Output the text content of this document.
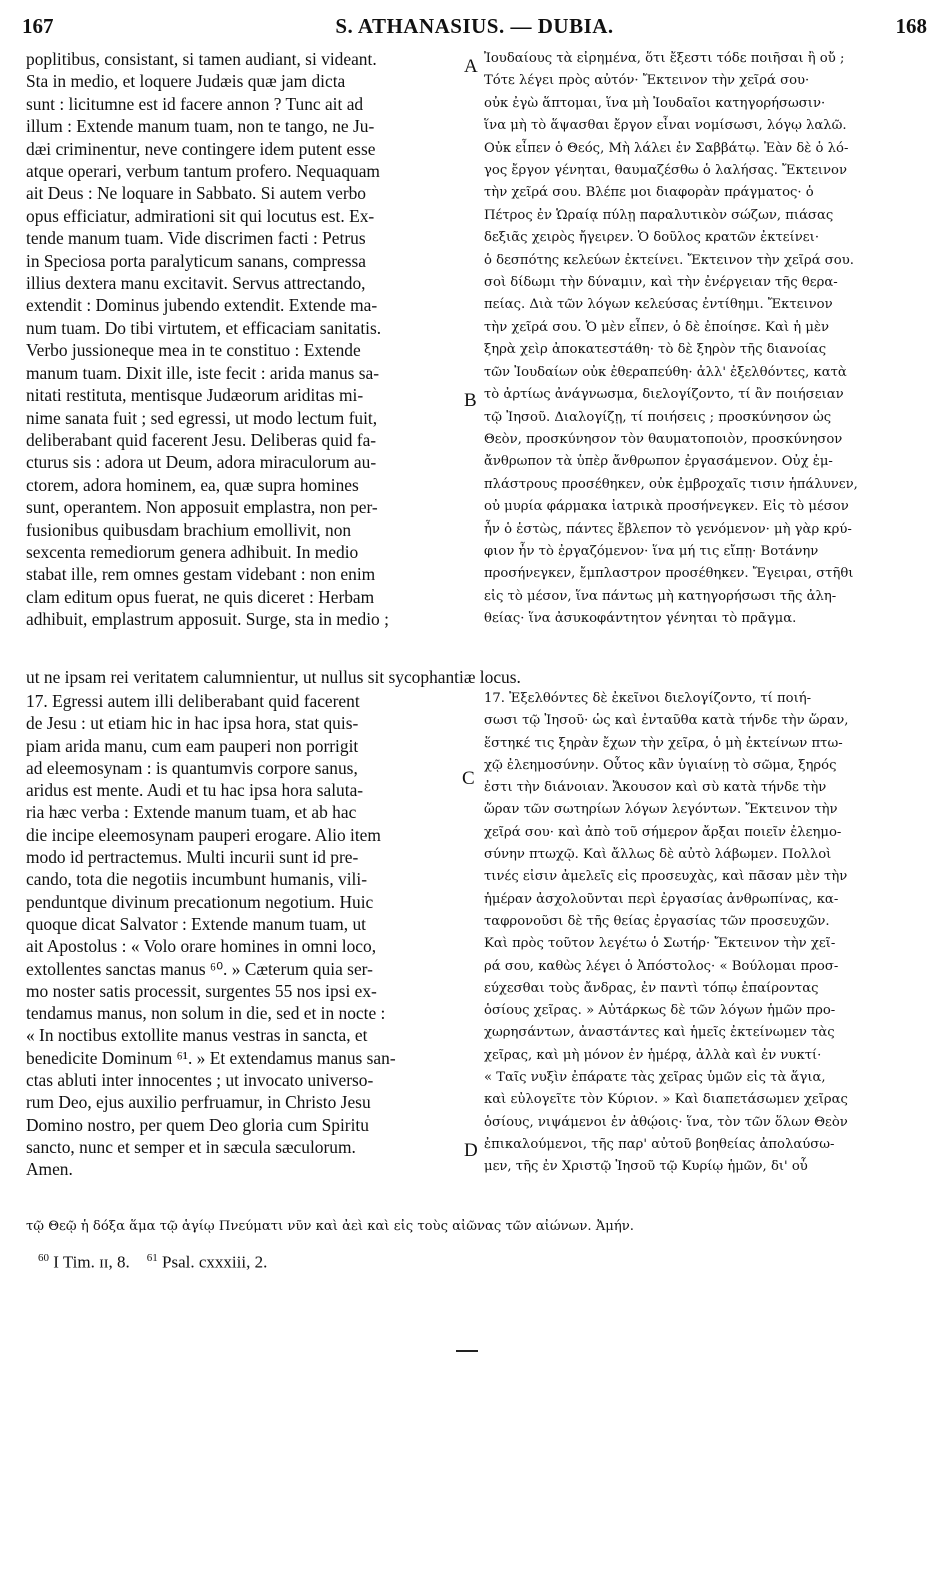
167	S. ATHANASIUS. — DUBIA.	168
poplitibus, consistant, si tamen audiant, si videant.
Sta in medio, et loquere Judæis quæ jam dicta
sunt : licitumne est id facere annon ? Tunc ait ad
illum : Extende manum tuam, non te tango, ne Ju-
dæi criminentur, neve contingere idem putent esse
atque operari, verbum tantum profero. Nequaquam
ait Deus : Ne loquare in Sabbato. Si autem verbo
opus efficiatur, admirationi sit qui locutus est. Ex-
tende manum tuam. Vide discrimen facti : Petrus
in Speciosa porta paralyticum sanans, compressa
illius dextera manu excitavit. Servus attrectando,
extendit : Dominus jubendo extendit. Extende ma-
num tuam. Do tibi virtutem, et efficaciam sanitatis.
Verbo jussioneque mea in te constituo : Extende
manum tuam. Dixit ille, iste fecit : arida manus sa-
nitati restituta, mentisque Judæorum ariditas mi-
nime sanata fuit ; sed egressi, ut modo lectum fuit,
deliberabant quid facerent Jesu. Deliberas quid fa-
cturus sis : adora ut Deum, adora miraculorum au-
ctorem, adora hominem, ea, quæ supra homines
sunt, operantem. Non apposuit emplastra, non per-
fusionibus quibusdam brachium emollivit, non
sexcenta remediorum genera adhibuit. In medio
stabat ille, rem omnes gestam videbant : non enim
clam editum opus fuerat, ne quis diceret : Herbam
adhibuit, emplastrum apposuit. Surge, sta in medio ;
Ἰουδαίους τὰ εἰρημένα, ὅτι ἔξεστι τόδε ποιῆσαι ἢ οὔ ;
Τότε λέγει πρὸς αὐτόν· Ἔκτεινον τὴν χεῖρά σου·
οὐκ ἐγὼ ἅπτομαι, ἵνα μὴ Ἰουδαῖοι κατηγορήσωσιν·
ἵνα μὴ τὸ ἅψασθαι ἔργον εἶναι νομίσωσι, λόγῳ λαλῶ.
Οὐκ εἶπεν ὁ Θεός, Μὴ λάλει ἐν Σαββάτῳ. Ἐὰν δὲ ὁ λό-
γος ἔργον γένηται, θαυμαζέσθω ὁ λαλήσας. Ἔκτεινον
τὴν χεῖρά σου. Βλέπε μοι διαφορὰν πράγματος· ὁ
Πέτρος ἐν Ὡραίᾳ πύλῃ παραλυτικὸν σώζων, πιάσας
δεξιᾶς χειρὸς ἤγειρεν. Ὁ δοῦλος κρατῶν ἐκτείνει·
ὁ δεσπότης κελεύων ἐκτείνει. Ἔκτεινον τὴν χεῖρά σου.
σοὶ δίδωμι τὴν δύναμιν, καὶ τὴν ἐνέργειαν τῆς θερα-
πείας. Διὰ τῶν λόγων κελεύσας ἐντίθημι. Ἔκτεινον
τὴν χεῖρά σου. Ὁ μὲν εἶπεν, ὁ δὲ ἐποίησε. Καὶ ἡ μὲν
ξηρὰ χεὶρ ἀποκατεστάθη· τὸ δὲ ξηρὸν τῆς διανοίας
τῶν Ἰουδαίων οὐκ ἐθεραπεύθη· ἀλλ' ἐξελθόντες, κατὰ
τὸ ἀρτίως ἀνάγνωσμα, διελογίζοντο, τί ἂν ποιήσειαν
τῷ Ἰησοῦ. Διαλογίζῃ, τί ποιήσεις ; προσκύνησον ὡς
Θεὸν, προσκύνησον τὸν θαυματοποιὸν, προσκύνησον
ἄνθρωπον τὰ ὑπὲρ ἄνθρωπον ἐργασάμενον. Οὐχ ἐμ-
πλάστρους προσέθηκεν, οὐκ ἐμβροχαῖς τισιν ἡπάλυνεν,
οὐ μυρία φάρμακα ἰατρικὰ προσήνεγκεν. Εἰς τὸ μέσον
ἦν ὁ ἑστὼς, πάντες ἔβλεπον τὸ γενόμενον· μὴ γὰρ κρύ-
φιον ἦν τὸ ἐργαζόμενον· ἵνα μή τις εἴπῃ· Βοτάνην
προσήνεγκεν, ἔμπλαστρον προσέθηκεν. Ἔγειραι, στῆθι
εἰς τὸ μέσον, ἵνα πάντως μὴ κατηγορήσωσι τῆς ἀλη-
θείας· ἵνα ἀσυκοφάντητον γένηται τὸ πρᾶγμα.
A
B
C
D
ut ne ipsam rei veritatem calumnientur, ut nullus sit sycophantiæ locus.
17. Egressi autem illi deliberabant quid facerent
de Jesu : ut etiam hic in hac ipsa hora, stat quis-
piam arida manu, cum eam pauperi non porrigit
ad eleemosynam : is quantumvis corpore sanus,
aridus est mente. Audi et tu hac ipsa hora saluta-
ria hæc verba : Extende manum tuam, et ab hac
die incipe eleemosynam pauperi erogare. Alio item
modo id pertractemus. Multi incurii sunt id pre-
cando, tota die negotiis incumbunt humanis, vili-
penduntque divinum precationum negotium. Huic
quoque dicat Salvator : Extende manum tuam, ut
ait Apostolus : « Volo orare homines in omni loco,
extollentes sanctas manus ⁶⁰. » Cæterum quia ser-
mo noster satis processit, surgentes 55 nos ipsi ex-
tendamus manus, non solum in die, sed et in nocte :
« In noctibus extollite manus vestras in sancta, et
benedicite Dominum ⁶¹. » Et extendamus manus san-
ctas abluti inter innocentes ; ut invocato universo-
rum Deo, ejus auxilio perfruamur, in Christo Jesu
Domino nostro, per quem Deo gloria cum Spiritu
sancto, nunc et semper et in sæcula sæculorum.
Amen.
17. Ἐξελθόντες δὲ ἐκεῖνοι διελογίζοντο, τί ποιή-
σωσι τῷ Ἰησοῦ· ὡς καὶ ἐνταῦθα κατὰ τήνδε τὴν ὥραν,
ἕστηκέ τις ξηρὰν ἔχων τὴν χεῖρα, ὁ μὴ ἐκτείνων πτω-
χῷ ἐλεημοσύνην. Οὗτος κἂν ὑγιαίνῃ τὸ σῶμα, ξηρός
ἐστι τὴν διάνοιαν. Ἄκουσον καὶ σὺ κατὰ τήνδε τὴν
ὥραν τῶν σωτηρίων λόγων λεγόντων. Ἔκτεινον τὴν
χεῖρά σου· καὶ ἀπὸ τοῦ σήμερον ἄρξαι ποιεῖν ἐλεημο-
σύνην πτωχῷ. Καὶ ἄλλως δὲ αὐτὸ λάβωμεν. Πολλοὶ
τινές εἰσιν ἀμελεῖς εἰς προσευχὰς, καὶ πᾶσαν μὲν τὴν
ἡμέραν ἀσχολοῦνται περὶ ἐργασίας ἀνθρωπίνας, κα-
ταφρονοῦσι δὲ τῆς θείας ἐργασίας τῶν προσευχῶν.
Καὶ πρὸς τοῦτον λεγέτω ὁ Σωτήρ· Ἔκτεινον τὴν χεῖ-
ρά σου, καθὼς λέγει ὁ Ἀπόστολος· « Βούλομαι προσ-
εύχεσθαι τοὺς ἄνδρας, ἐν παντὶ τόπῳ ἐπαίροντας
ὁσίους χεῖρας. » Αὐτάρκως δὲ τῶν λόγων ἡμῶν προ-
χωρησάντων, ἀναστάντες καὶ ἡμεῖς ἐκτείνωμεν τὰς
χεῖρας, καὶ μὴ μόνον ἐν ἡμέρᾳ, ἀλλὰ καὶ ἐν νυκτί·
« Ταῖς νυξὶν ἐπάρατε τὰς χεῖρας ὑμῶν εἰς τὰ ἅγια,
καὶ εὐλογεῖτε τὸν Κύριον. » Καὶ διαπετάσωμεν χεῖρας
ὁσίους, νιψάμενοι ἐν ἀθῴοις· ἵνα, τὸν τῶν ὅλων Θεὸν
ἐπικαλούμενοι, τῆς παρ' αὐτοῦ βοηθείας ἀπολαύσω-
μεν, τῆς ἐν Χριστῷ Ἰησοῦ τῷ Κυρίῳ ἡμῶν, δι' οὗ
τῷ Θεῷ ἡ δόξα ἅμα τῷ ἁγίῳ Πνεύματι νῦν καὶ ἀεὶ καὶ εἰς τοὺς αἰῶνας τῶν αἰώνων. Ἀμήν.
$^{60}$ I Tim. ɪɪ, 8. $^{61}$ Psal. cxxxiii, 2.
